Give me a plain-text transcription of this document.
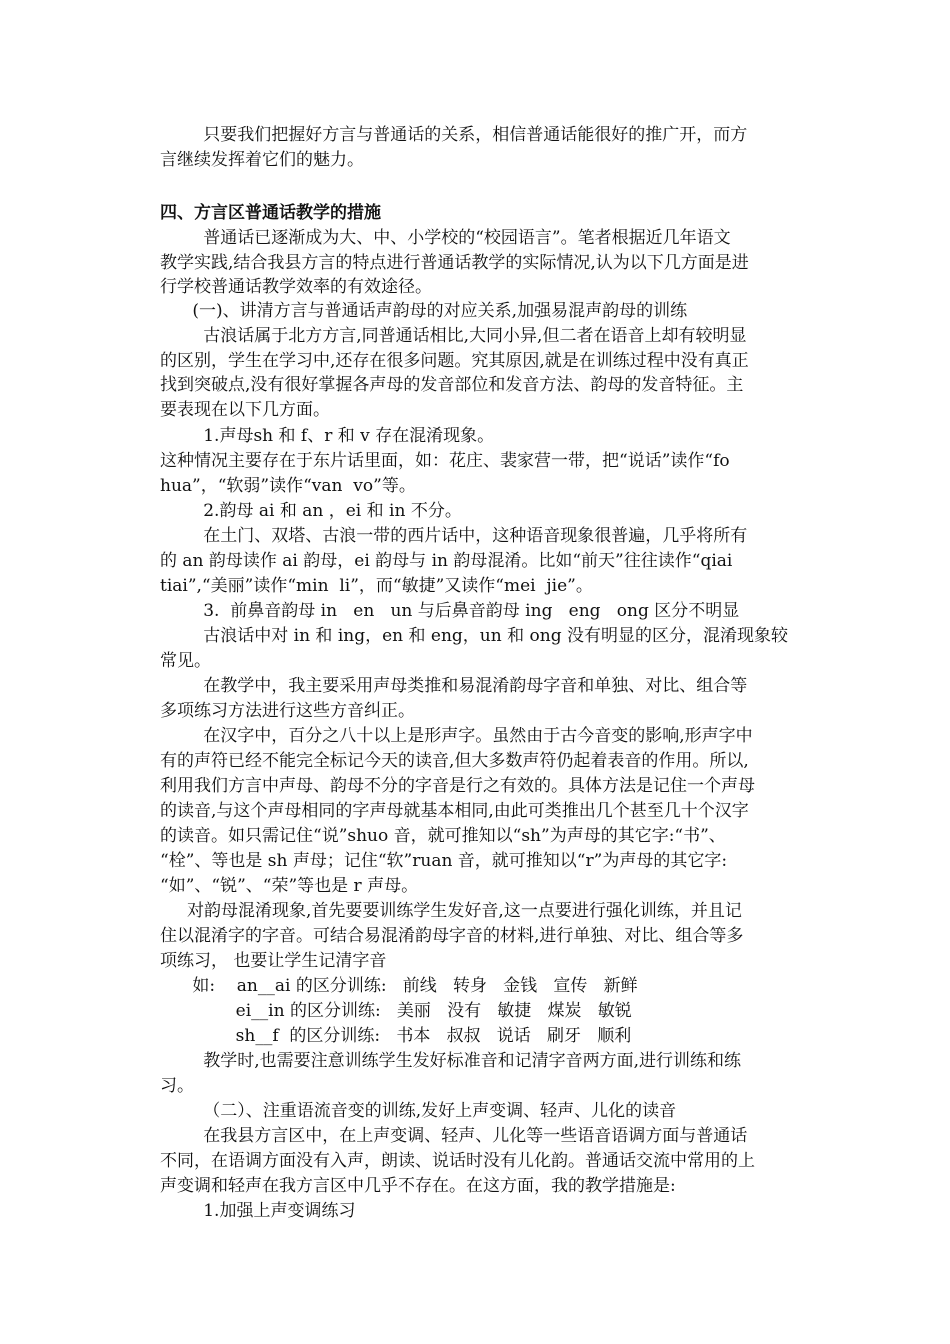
只要我们把握好方言与普通话的关系，相信普通话能很好的推广开，而方
言继续发挥着它们的魅力。
四、方言区普通话教学的措施
普通话已逐渐成为大、中、小学校的“校园语言”。笔者根据近几年语文
教学实践,结合我县方言的特点进行普通话教学的实际情况,认为以下几方面是进
行学校普通话教学效率的有效途径。
(一)、讲清方言与普通话声韵母的对应关系,加强易混声韵母的训练
古浪话属于北方方言,同普通话相比,大同小异,但二者在语音上却有较明显
的区别，学生在学习中,还存在很多问题。究其原因,就是在训练过程中没有真正
找到突破点,没有很好掌握各声母的发音部位和发音方法、韵母的发音特征。主
要表现在以下几方面。
1.声母sh 和 f、r 和 v 存在混淆现象。
这种情况主要存在于东片话里面，如：花庄、裴家营一带，把“说话”读作“fo
hua”，“软弱”读作“van  vo”等。
2.韵母 ai 和 an ，ei 和 in 不分。
在土门、双塔、古浪一带的西片话中，这种语音现象很普遍，几乎将所有
的 an 韵母读作 ai 韵母，ei 韵母与 in 韵母混淆。比如“前天”往往读作“qiai
tiai”,“美丽”读作“min  li”，而“敏捷”又读作“mei  jie”。
3.  前鼻音韵母 in   en   un 与后鼻音韵母 ing   eng   ong 区分不明显
古浪话中对 in 和 ing，en 和 eng，un 和 ong 没有明显的区分，混淆现象较
常见。
在教学中，我主要采用声母类推和易混淆韵母字音和单独、对比、组合等
多项练习方法进行这些方音纠正。
在汉字中，百分之八十以上是形声字。虽然由于古今音变的影响,形声字中
有的声符已经不能完全标记今天的读音,但大多数声符仍起着表音的作用。所以,
利用我们方言中声母、韵母不分的字音是行之有效的。具体方法是记住一个声母
的读音,与这个声母相同的字声母就基本相同,由此可类推出几个甚至几十个汉字
的读音。如只需记住“说”shuo 音，就可推知以“sh”为声母的其它字:“书”、
“栓”、等也是 sh 声母；记住“软”ruan 音，就可推知以“r”为声母的其它字:
“如”、“锐”、“荣”等也是 r 声母。
对韵母混淆现象,首先要要训练学生发好音,这一点要进行强化训练，并且记
住以混淆字的字音。可结合易混淆韵母字音的材料,进行单独、对比、组合等多
项练习， 也要让学生记清字音
如:    an__ai 的区分训练:   前线   转身   金钱   宣传   新鲜
ei__in 的区分训练:   美丽   没有   敏捷   煤炭   敏锐
sh__f  的区分训练:   书本   叔叔   说话   刷牙   顺利
教学时,也需要注意训练学生发好标准音和记清字音两方面,进行训练和练
习。
（二）、注重语流音变的训练,发好上声变调、轻声、儿化的读音
在我县方言区中，在上声变调、轻声、儿化等一些语音语调方面与普通话
不同，在语调方面没有入声，朗读、说话时没有儿化韵。普通话交流中常用的上
声变调和轻声在我方言区中几乎不存在。在这方面，我的教学措施是:
1.加强上声变调练习
